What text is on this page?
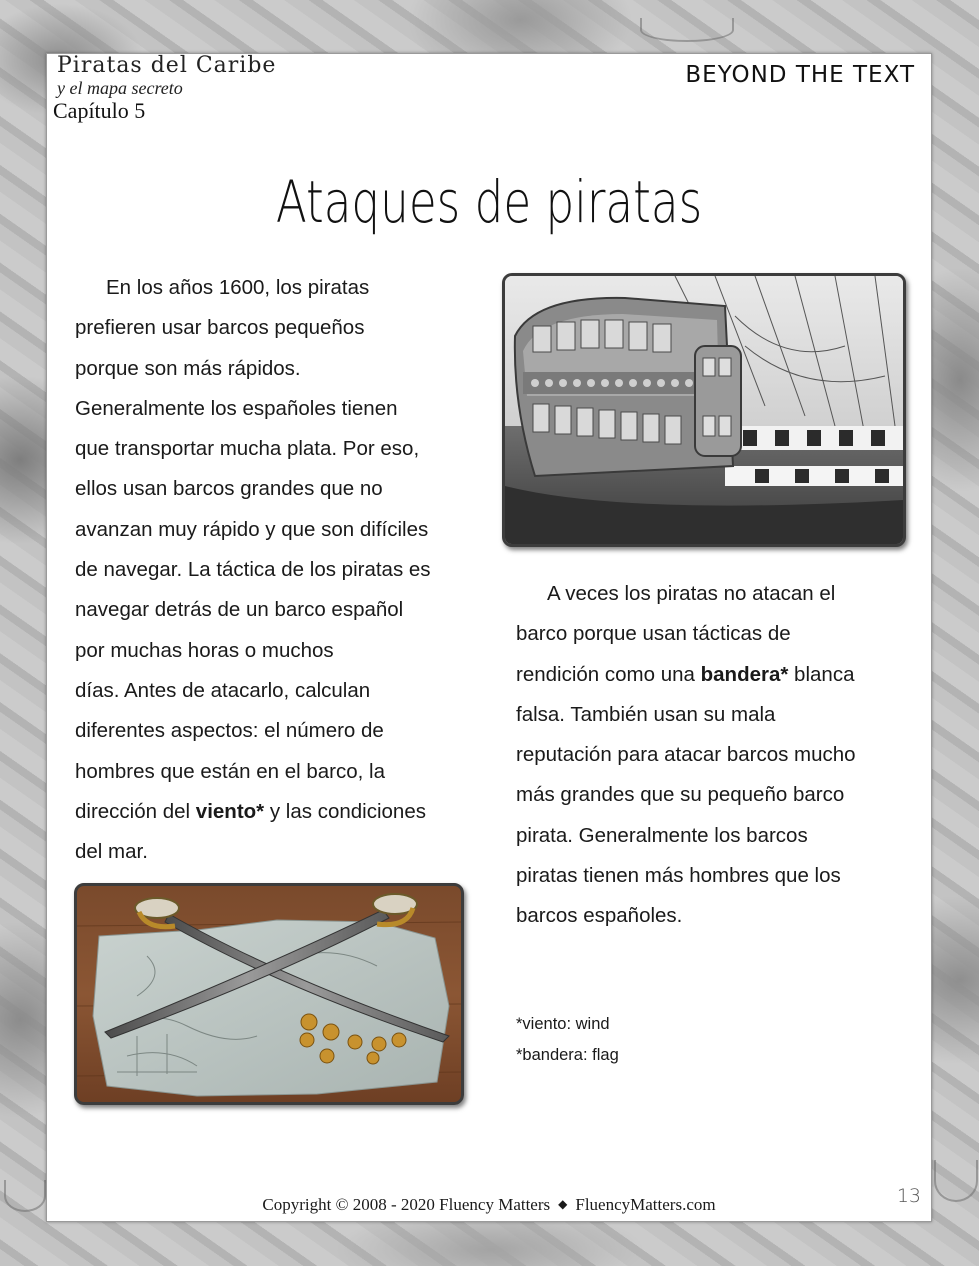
Piratas del Caribe
y el mapa secreto
Capítulo 5
BEYOND THE TEXT
Ataques de piratas

En los años 1600, los piratas
prefieren usar barcos pequeños
porque son más rápidos.
Generalmente los españoles tienen
que transportar mucha plata. Por eso,
ellos usan barcos grandes que no
avanzan muy rápido y que son difíciles
de navegar. La táctica de los piratas es
navegar detrás de un barco español
por muchas horas o muchos
días. Antes de atacarlo, calculan
diferentes aspectos: el número de
hombres que están en el barco, la
dirección del viento* y las condiciones
del mar.

A veces los piratas no atacan el
barco porque usan tácticas de
rendición como una bandera* blanca
falsa. También usan su mala
reputación para atacar barcos mucho
más grandes que su pequeño barco
pirata. Generalmente los barcos
piratas tienen más hombres que los
barcos españoles.

*viento: wind
*bandera: flag
Copyright © 2008 - 2020 Fluency Matters ◆ FluencyMatters.com	13
